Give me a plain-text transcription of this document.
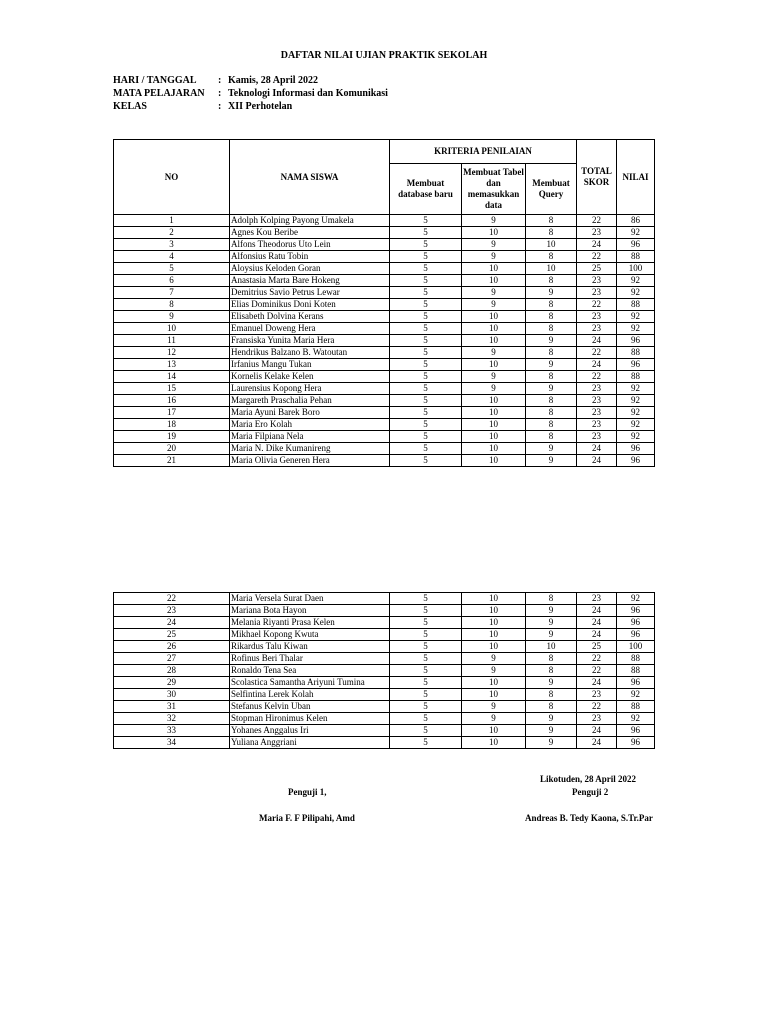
DAFTAR NILAI UJIAN PRAKTIK SEKOLAH
HARI / TANGGAL : Kamis, 28 April 2022
MATA PELAJARAN : Teknologi Informasi dan Komunikasi
KELAS	: XII Perhotelan
NO	NAMA SISWA	KRITERIA PENILAIAN			TOTAL SKOR	NILAI
		Membuat database baru	Membuat Tabel dan memasukkan data	Membuat Query		
1	Adolph Kolping Payong Umakela	5	9	8	22	86
2	Agnes Kou Beribe	5	10	8	23	92
3	Alfons Theodorus Uto Lein	5	9	10	24	96
4	Alfonsius Ratu Tobin	5	9	8	22	88
5	Aloysius Keloden Goran	5	10	10	25	100
6	Anastasia Marta Bare Hokeng	5	10	8	23	92
7	Demitrius Savio Petrus Lewar	5	9	9	23	92
8	Elias Dominikus Doni Koten	5	9	8	22	88
9	Elisabeth Dolvina Kerans	5	10	8	23	92
10	Emanuel Doweng Hera	5	10	8	23	92
11	Fransiska Yunita Maria Hera	5	10	9	24	96
12	Hendrikus Balzano B. Watoutan	5	9	8	22	88
13	Irfanius Mangu Tukan	5	10	9	24	96
14	Kornelis Kelake Kelen	5	9	8	22	88
15	Laurensius Kopong Hera	5	9	9	23	92
16	Margareth Praschalia Pehan	5	10	8	23	92
17	Maria Ayuni Barek Boro	5	10	8	23	92
18	Maria Ero Kolah	5	10	8	23	92
19	Maria Filpiana Nela	5	10	8	23	92
20	Maria N. Dike Kumanireng	5	10	9	24	96
21	Maria Olivia Generen Hera	5	10	9	24	96
22	Maria Versela Surat Daen	5	10	8	23	92
23	Mariana Bota Hayon	5	10	9	24	96
24	Melania Riyanti Prasa Kelen	5	10	9	24	96
25	Mikhael Kopong Kwuta	5	10	9	24	96
26	Rikardus Talu Kiwan	5	10	10	25	100
27	Rofinus Beri Thalar	5	9	8	22	88
28	Ronaldo Tena Sea	5	9	8	22	88
29	Scolastica Samantha Ariyuni Tumina	5	10	9	24	96
30	Selfintina Lerek Kolah	5	10	8	23	92
31	Stefanus Kelvin Uban	5	9	8	22	88
32	Stopman Hironimus Kelen	5	9	9	23	92
33	Yohanes Anggalus Iri	5	10	9	24	96
34	Yuliana Anggriani	5	10	9	24	96
Likotuden, 28 April 2022
Penguji 1,	Penguji 2
Maria F. F Pilipahi, Amd	Andreas B. Tedy Kaona, S.Tr.Par
